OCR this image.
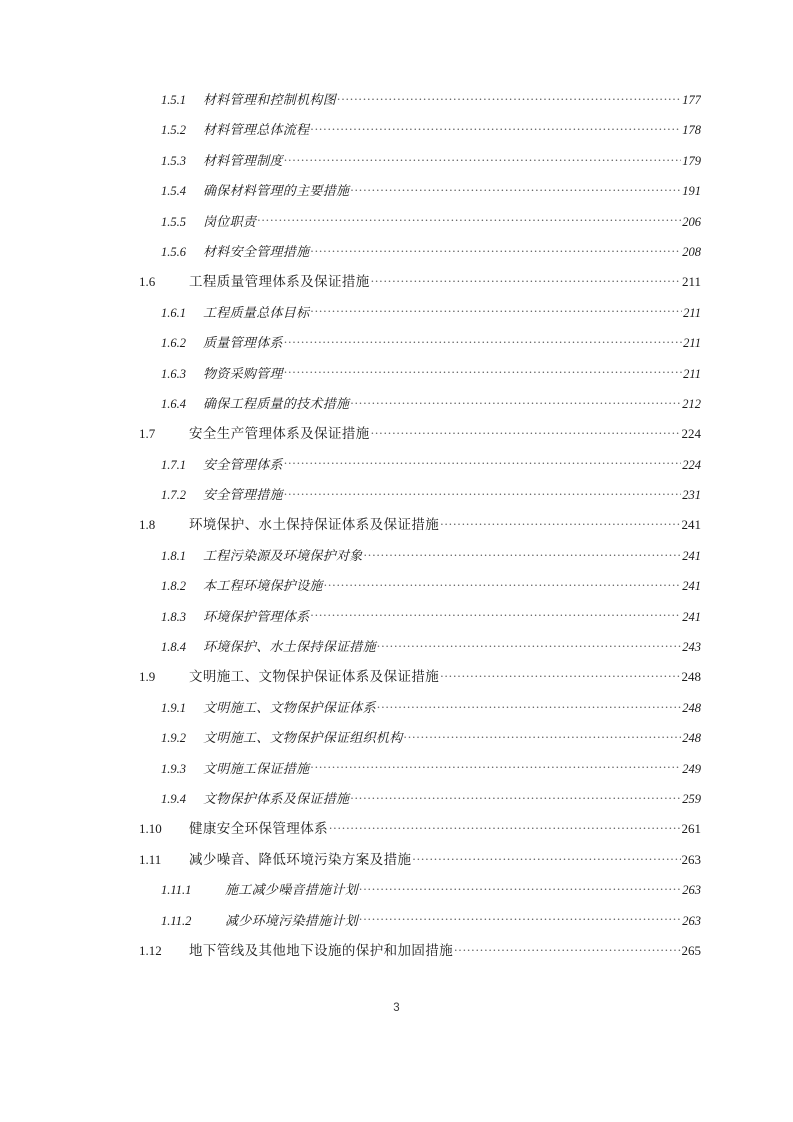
1.5.1	材料管理和控制机构图 .....	177
1.5.2	材料管理总体流程 .....	178
1.5.3	材料管理制度 .....	179
1.5.4	确保材料管理的主要措施 .....	191
1.5.5	岗位职责 .....	206
1.5.6	材料安全管理措施 .....	208
1.6	工程质量管理体系及保证措施 .....	211
1.6.1	工程质量总体目标 .....	211
1.6.2	质量管理体系 .....	211
1.6.3	物资采购管理 .....	211
1.6.4	确保工程质量的技术措施 .....	212
1.7	安全生产管理体系及保证措施 .....	224
1.7.1	安全管理体系 .....	224
1.7.2	安全管理措施 .....	231
1.8	环境保护、水土保持保证体系及保证措施 .....	241
1.8.1	工程污染源及环境保护对象 .....	241
1.8.2	本工程环境保护设施 .....	241
1.8.3	环境保护管理体系 .....	241
1.8.4	环境保护、水土保持保证措施 .....	243
1.9	文明施工、文物保护保证体系及保证措施 .....	248
1.9.1	文明施工、文物保护保证体系 .....	248
1.9.2	文明施工、文物保护保证组织机构 .....	248
1.9.3	文明施工保证措施 .....	249
1.9.4	文物保护体系及保证措施 .....	259
1.10	健康安全环保管理体系 .....	261
1.11	减少噪音、降低环境污染方案及措施 .....	263
1.11.1	施工减少噪音措施计划 .....	263
1.11.2	减少环境污染措施计划 .....	263
1.12	地下管线及其他地下设施的保护和加固措施 .....	265
3
